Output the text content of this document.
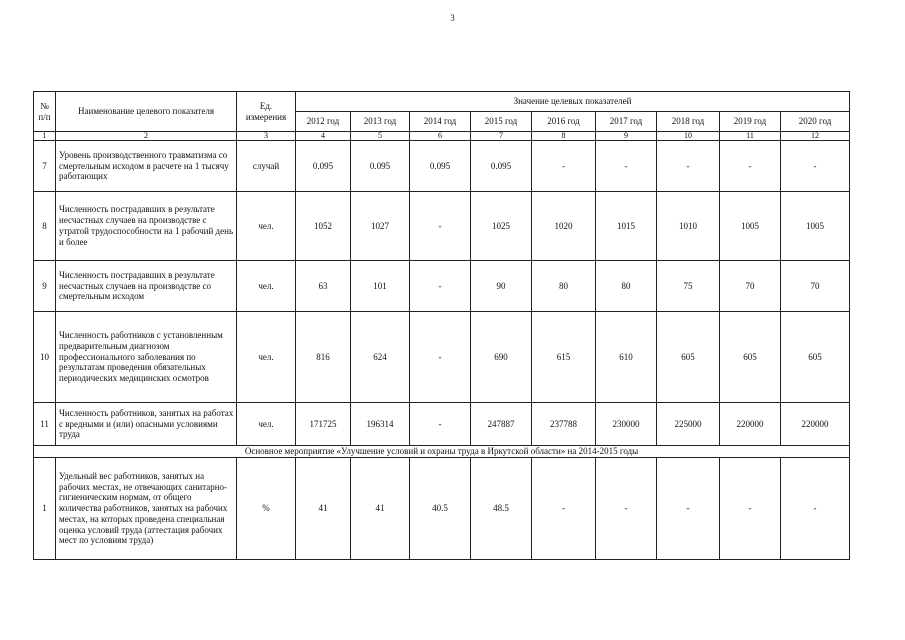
3
№
п/п	Наименование целевого показателя	Ед.
измерения	Значение целевых показателей								
			2012 год	2013 год	2014 год	2015 год	2016 год	2017 год	2018 год	2019 год	2020 год
1	2	3	4	5	6	7	8	9	10	11	12
7	Уровень производственного травматизма со смертельным исходом в расчете на 1 тысячу работающих	случай	0.095	0.095	0.095	0.095	-	-	-	-	-
8	Численность пострадавших в результате несчастных случаев на производстве с утратой трудоспособности на 1 рабочий день и более	чел.	1052	1027	-	1025	1020	1015	1010	1005	1005
9	Численность пострадавших в результате несчастных случаев на производстве со смертельным исходом	чел.	63	101	-	90	80	80	75	70	70
10	Численность работников с установленным предварительным диагнозом профессионального заболевания по результатам проведения обязательных периодических медицинских осмотров	чел.	816	624	-	690	615	610	605	605	605
11	Численность работников, занятых на работах с вредными и (или) опасными условиями труда	чел.	171725	196314	-	247887	237788	230000	225000	220000	220000
Основное мероприятие «Улучшение условий и охраны труда в Иркутской области» на 2014-2015 годы											
1	Удельный вес работников, занятых на рабочих местах, не отвечающих санитарно-гигиеническим нормам, от общего количества работников, занятых на рабочих местах, на которых проведена специальная оценка условий труда (аттестация рабочих мест по условиям труда)	%	41	41	40.5	48.5	-	-	-	-	-
